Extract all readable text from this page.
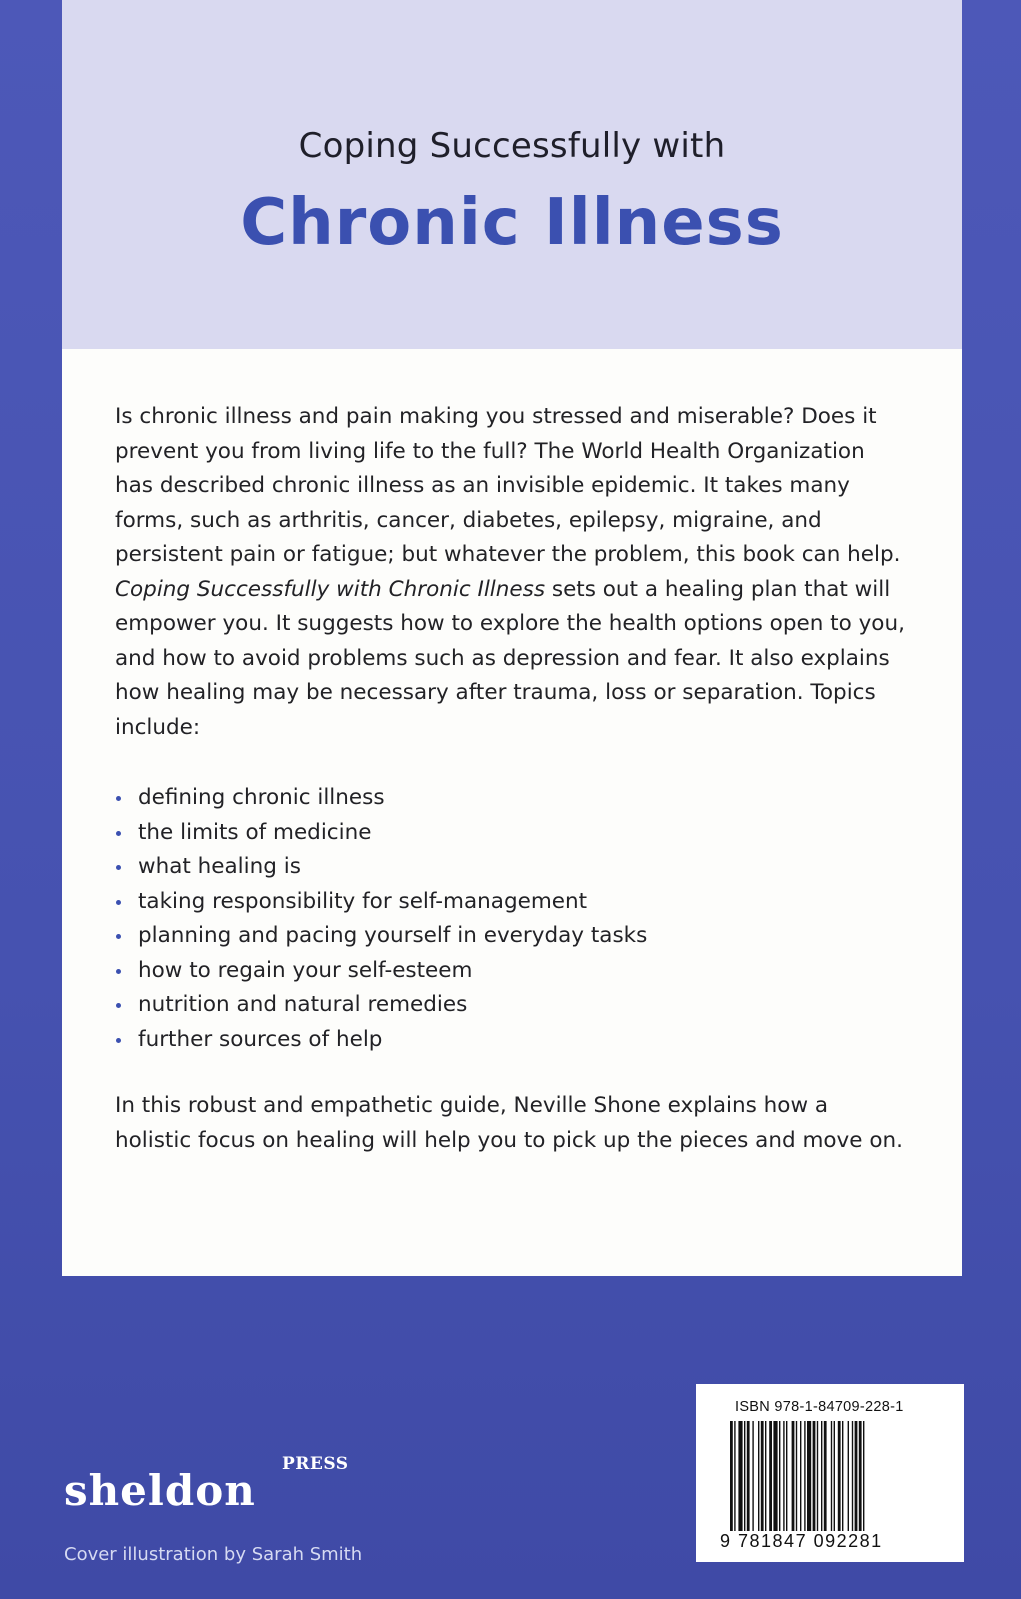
Coping Successfully with
Chronic Illness
Is chronic illness and pain making you stressed and miserable? Does it prevent you from living life to the full? The World Health Organization has described chronic illness as an invisible epidemic. It takes many forms, such as arthritis, cancer, diabetes, epilepsy, migraine, and persistent pain or fatigue; but whatever the problem, this book can help. Coping Successfully with Chronic Illness sets out a healing plan that will empower you. It suggests how to explore the health options open to you, and how to avoid problems such as depression and fear. It also explains how healing may be necessary after trauma, loss or separation. Topics include:
defining chronic illness
the limits of medicine
what healing is
taking responsibility for self-management
planning and pacing yourself in everyday tasks
how to regain your self-esteem
nutrition and natural remedies
further sources of help
In this robust and empathetic guide, Neville Shone explains how a holistic focus on healing will help you to pick up the pieces and move on.
sheldon
PRESS
Cover illustration by Sarah Smith
ISBN 978-1-84709-228-1
9 781847 092281
